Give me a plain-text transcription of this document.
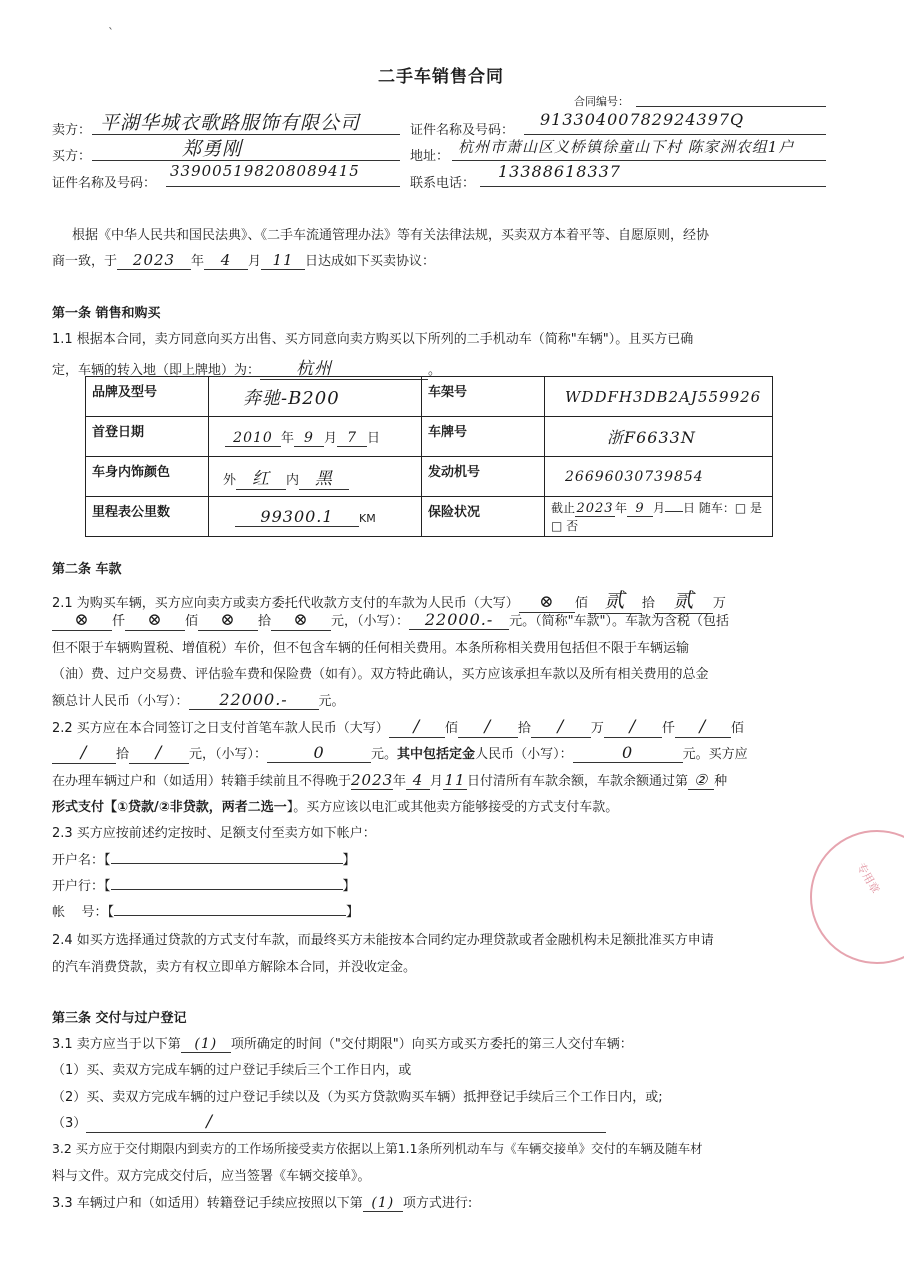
`
二手车销售合同
合同编号：
卖方： 平湖华城衣歌路服饰有限公司	证件名称及号码：
91330400782924397Q
买方：	郑勇刚	地址：
杭州市萧山区义桥镇徐童山下村 陈家洲农组1户
证件名称及号码：
339005198208089415
联系电话：
13388618337
根据《中华人民共和国民法典》、《二手车流通管理办法》等有关法律法规，买卖双方本着平等、自愿原则，经协
商一致，于 2023 年 4 月 11 日达成如下买卖协议：
第一条 销售和购买
1.1 根据本合同，卖方同意向买方出售、买方同意向卖方购买以下所列的二手机动车（简称"车辆"）。且买方已确
定，车辆的转入地（即上牌地）为： 杭州	。
品牌及型号	奔驰-B200	车架号	WDDFH3DB2AJ559926
首登日期	2010 年 9 月 7 日	车牌号	浙F6633N
车身内饰颜色	外 红 内 黑	发动机号	26696030739854
里程表公里数	99300.1 KM	保险状况	截止2023年 9 月 日 随车：□ 是 □ 否
第二条 车款
2.1 为购买车辆，买方应向卖方或卖方委托代收款方支付的车款为人民币（大写） ⊗ 佰 贰 拾 贰 万
⊗ 仟 ⊗ 佰 ⊗ 拾 ⊗ 元，（小写）： 22000.- 元。（简称"车款"）。车款为含税（包括
但不限于车辆购置税、增值税）车价，但不包含车辆的任何相关费用。本条所称相关费用包括但不限于车辆运输
（油）费、过户交易费、评估验车费和保险费（如有）。双方特此确认，买方应该承担车款以及所有相关费用的总金
额总计人民币（小写）： 22000.- 元。
2.2 买方应在本合同签订之日支付首笔车款人民币（大写） / 佰 / 拾 / 万 / 仟 / 佰
/ 拾 / 元，（小写）：	0	元。其中包括定金人民币（小写）：	0	元。买方应
在办理车辆过户和（如适用）转籍手续前且不得晚于2023年 4 月11日付清所有车款余额，车款余额通过第 ② 种
形式支付【①贷款/②非贷款，两者二选一】。买方应该以电汇或其他卖方能够接受的方式支付车款。
2.3 买方应按前述约定按时、足额支付至卖方如下帐户：
开户名：【	】
开户行：【	】
帐    号：【	】
2.4 如买方选择通过贷款的方式支付车款，而最终买方未能按本合同约定办理贷款或者金融机构未足额批准买方申请
的汽车消费贷款，卖方有权立即单方解除本合同，并没收定金。
第三条 交付与过户登记
3.1 卖方应当于以下第 (1) 项所确定的时间（"交付期限"）向买方或买方委托的第三人交付车辆：
（1）买、卖双方完成车辆的过户登记手续后三个工作日内，或
（2）买、卖双方完成车辆的过户登记手续以及（为买方贷款购买车辆）抵押登记手续后三个工作日内，或;
（3）	/
3.2 买方应于交付期限内到卖方的工作场所接受卖方依据以上第1.1条所列机动车与《车辆交接单》交付的车辆及随车材
料与文件。双方完成交付后，应当签署《车辆交接单》。
3.3 车辆过户和（如适用）转籍登记手续应按照以下第 (1) 项方式进行:
专用章
